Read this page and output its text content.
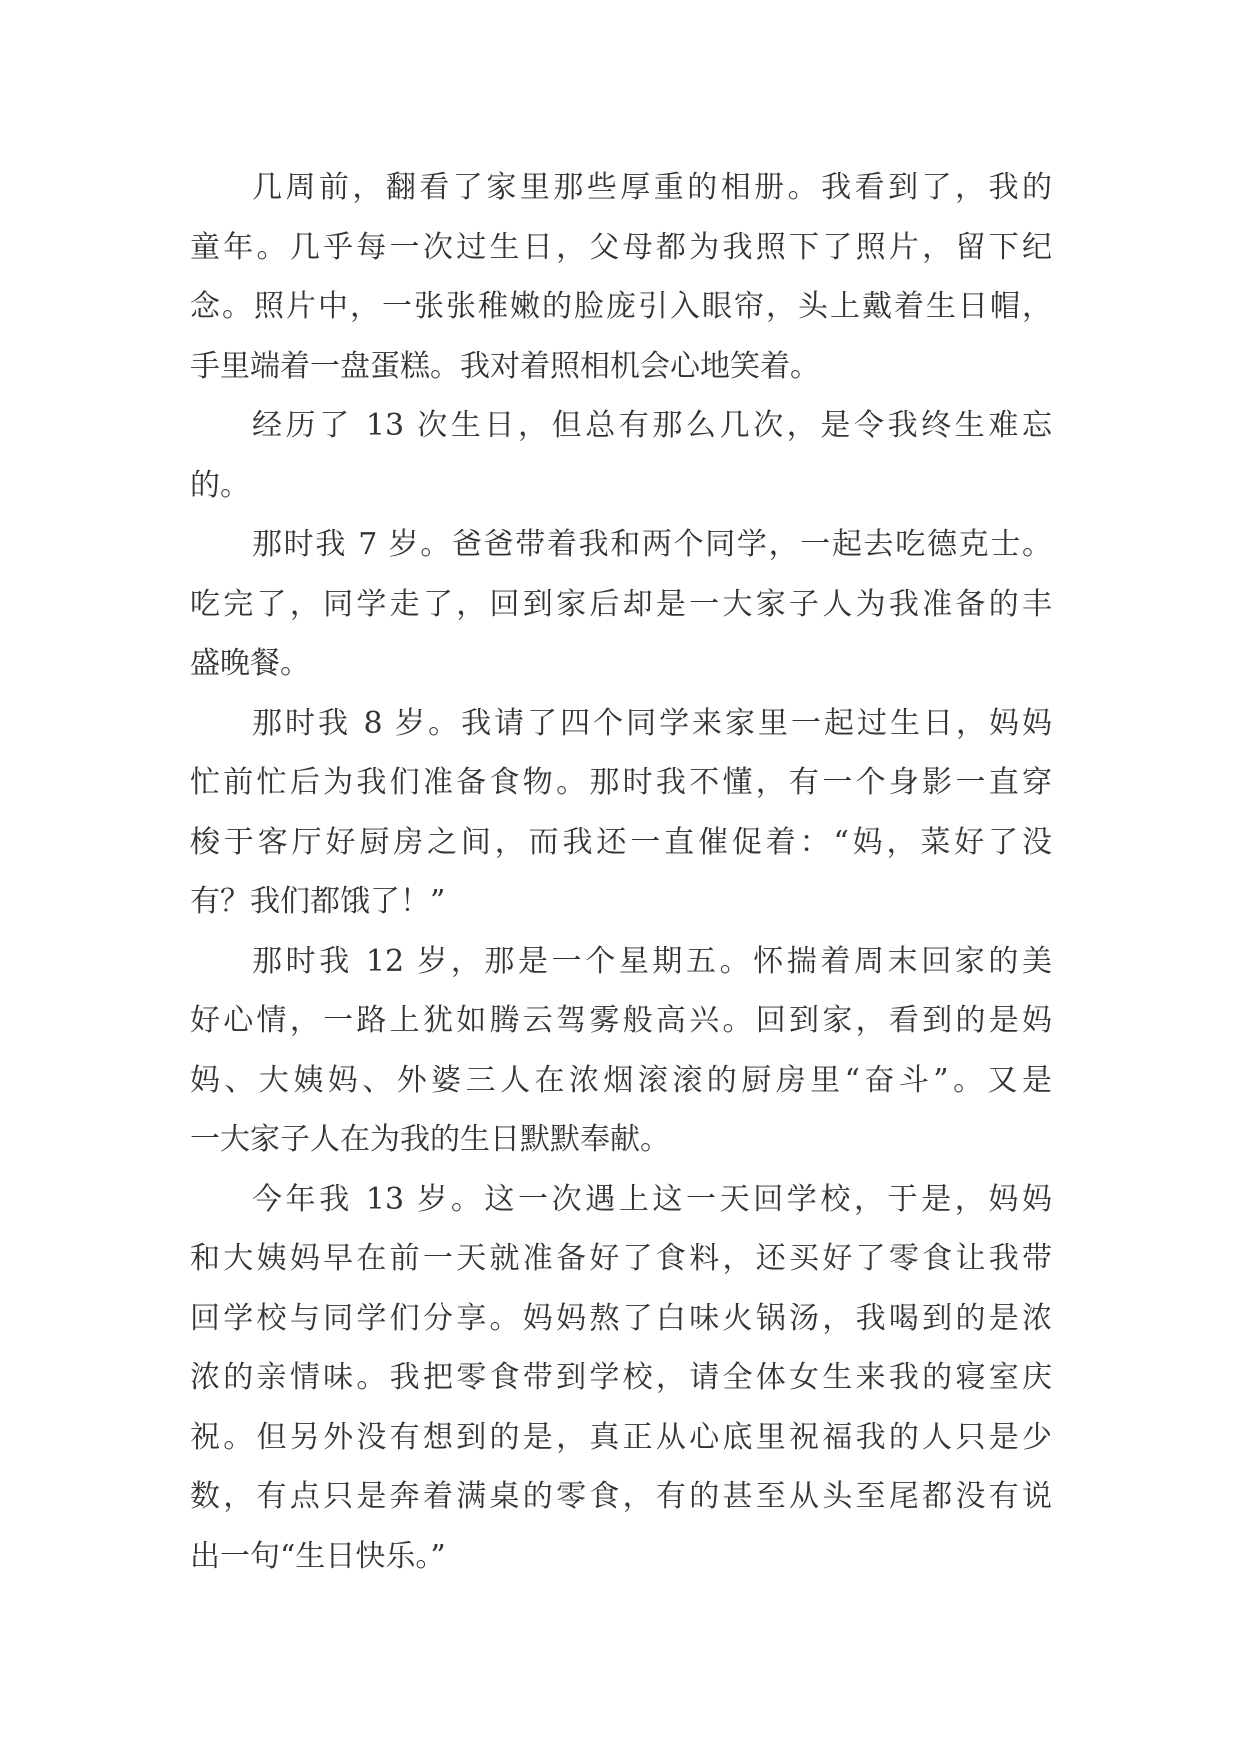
几周前，翻看了家里那些厚重的相册。我看到了，我的
童年。几乎每一次过生日，父母都为我照下了照片，留下纪
念。照片中，一张张稚嫩的脸庞引入眼帘，头上戴着生日帽，
手里端着一盘蛋糕。我对着照相机会心地笑着。
经历了 13 次生日，但总有那么几次，是令我终生难忘
的。
那时我 7 岁。爸爸带着我和两个同学，一起去吃德克士。
吃完了，同学走了，回到家后却是一大家子人为我准备的丰
盛晚餐。
那时我 8 岁。我请了四个同学来家里一起过生日，妈妈
忙前忙后为我们准备食物。那时我不懂，有一个身影一直穿
梭于客厅好厨房之间，而我还一直催促着：“妈，菜好了没
有？我们都饿了！”
那时我 12 岁，那是一个星期五。怀揣着周末回家的美
好心情，一路上犹如腾云驾雾般高兴。回到家，看到的是妈
妈、大姨妈、外婆三人在浓烟滚滚的厨房里“奋斗”。又是
一大家子人在为我的生日默默奉献。
今年我 13 岁。这一次遇上这一天回学校，于是，妈妈
和大姨妈早在前一天就准备好了食料，还买好了零食让我带
回学校与同学们分享。妈妈熬了白味火锅汤，我喝到的是浓
浓的亲情味。我把零食带到学校，请全体女生来我的寝室庆
祝。但另外没有想到的是，真正从心底里祝福我的人只是少
数，有点只是奔着满桌的零食，有的甚至从头至尾都没有说
出一句“生日快乐。”
